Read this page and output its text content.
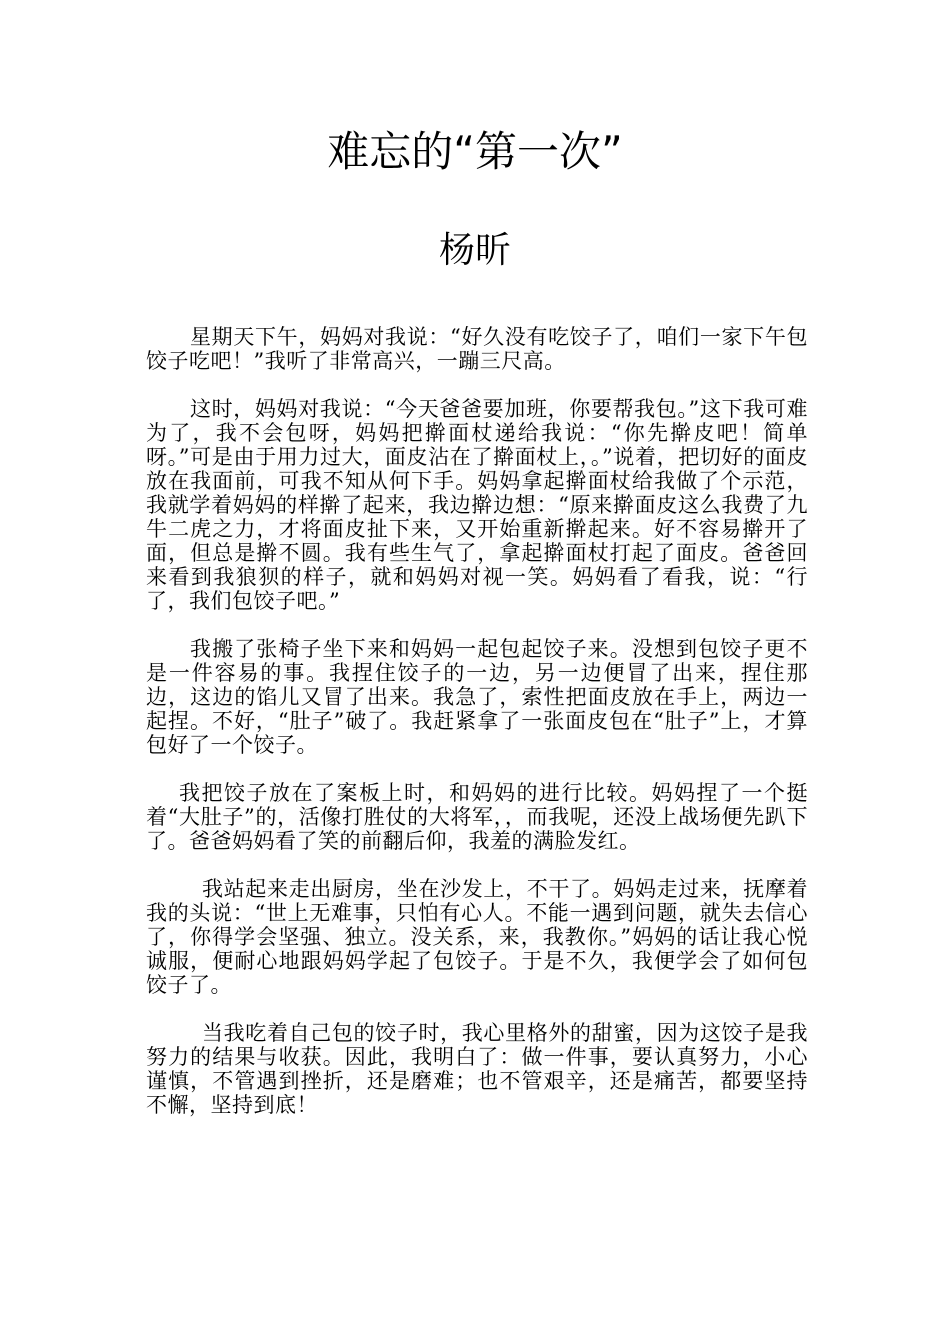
难忘的“第一次”
杨昕

星期天下午，妈妈对我说：“好久没有吃饺子了，咱们一家下午包饺子吃吧！”我听了非常高兴，一蹦三尺高。

这时，妈妈对我说：“今天爸爸要加班，你要帮我包。”这下我可难为了，我不会包呀，妈妈把擀面杖递给我说：“你先擀皮吧！简单呀。”可是由于用力过大，面皮沾在了擀面杖上，。”说着，把切好的面皮放在我面前，可我不知从何下手。妈妈拿起擀面杖给我做了个示范，我就学着妈妈的样擀了起来，我边擀边想：“原来擀面皮这么我费了九牛二虎之力，才将面皮扯下来，又开始重新擀起来。好不容易擀开了面，但总是擀不圆。我有些生气了，拿起擀面杖打起了面皮。爸爸回来看到我狼狈的样子，就和妈妈对视一笑。妈妈看了看我，说：“行了，我们包饺子吧。”

我搬了张椅子坐下来和妈妈一起包起饺子来。没想到包饺子更不是一件容易的事。我捏住饺子的一边，另一边便冒了出来，捏住那边，这边的馅儿又冒了出来。我急了，索性把面皮放在手上，两边一起捏。不好，“肚子”破了。我赶紧拿了一张面皮包在“肚子”上，才算包好了一个饺子。

我把饺子放在了案板上时，和妈妈的进行比较。妈妈捏了一个挺着“大肚子”的，活像打胜仗的大将军，，而我呢，还没上战场便先趴下了。爸爸妈妈看了笑的前翻后仰，我羞的满脸发红。

我站起来走出厨房，坐在沙发上，不干了。妈妈走过来，抚摩着我的头说：“世上无难事，只怕有心人。不能一遇到问题，就失去信心了，你得学会坚强、独立。没关系，来，我教你。”妈妈的话让我心悦诚服，便耐心地跟妈妈学起了包饺子。于是不久，我便学会了如何包饺子了。

当我吃着自己包的饺子时，我心里格外的甜蜜，因为这饺子是我努力的结果与收获。因此，我明白了：做一件事，要认真努力，小心谨慎，不管遇到挫折，还是磨难；也不管艰辛，还是痛苦，都要坚持不懈，坚持到底！
